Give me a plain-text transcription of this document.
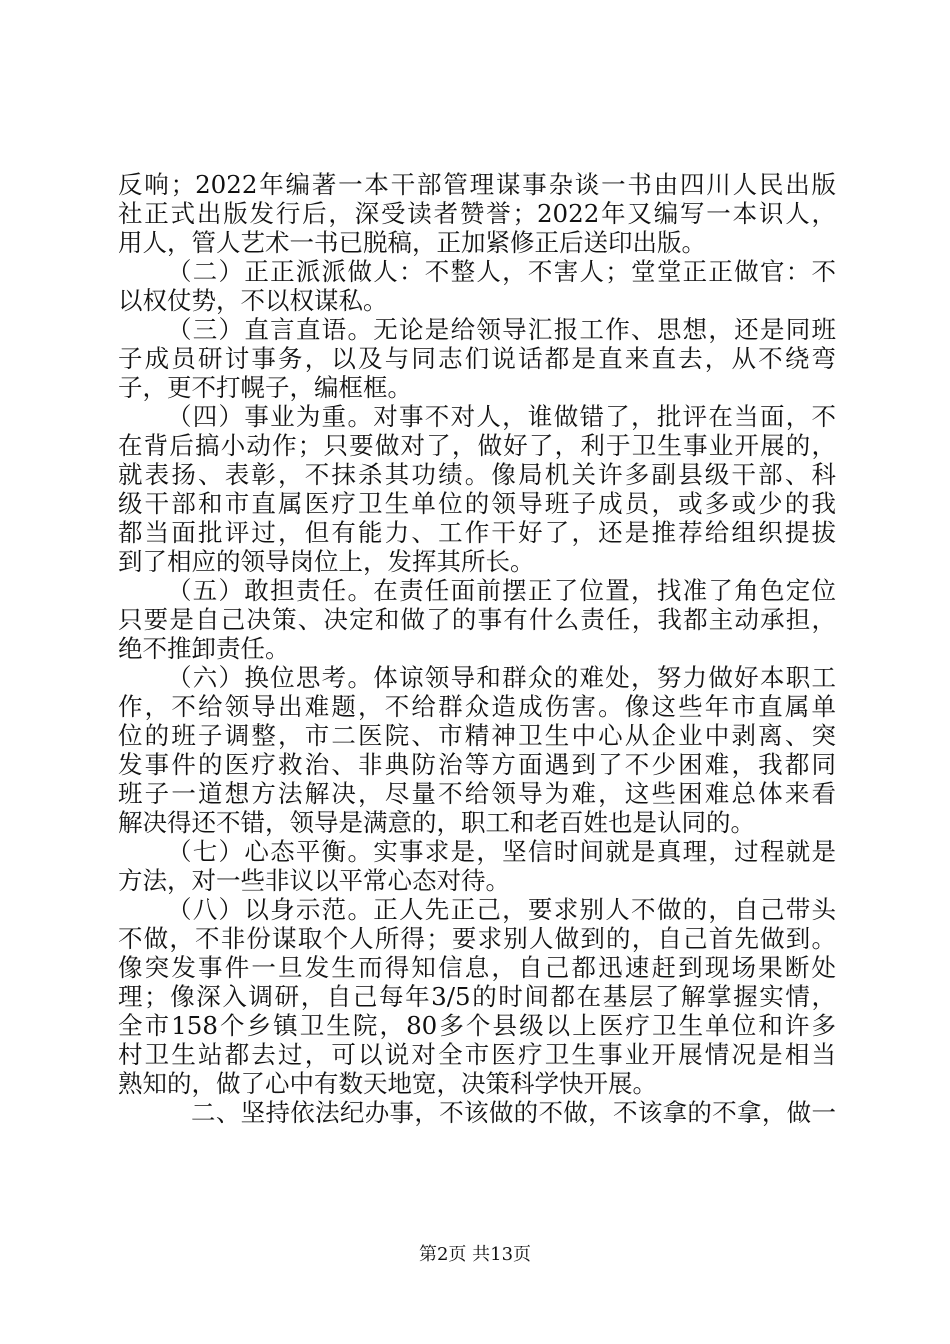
反响；2022年编著一本干部管理谋事杂谈一书由四川人民出版
社正式出版发行后，深受读者赞誉；2022年又编写一本识人，
用人，管人艺术一书已脱稿，正加紧修正后送印出版。
（二）正正派派做人：不整人，不害人；堂堂正正做官：不
以权仗势，不以权谋私。
（三）直言直语。无论是给领导汇报工作、思想，还是同班
子成员研讨事务，以及与同志们说话都是直来直去，从不绕弯
子，更不打幌子，编框框。
（四）事业为重。对事不对人，谁做错了，批评在当面，不
在背后搞小动作；只要做对了，做好了，利于卫生事业开展的，
就表扬、表彰，不抹杀其功绩。像局机关许多副县级干部、科
级干部和市直属医疗卫生单位的领导班子成员，或多或少的我
都当面批评过，但有能力、工作干好了，还是推荐给组织提拔
到了相应的领导岗位上，发挥其所长。
（五）敢担责任。在责任面前摆正了位置，找准了角色定位
只要是自己决策、决定和做了的事有什么责任，我都主动承担，
绝不推卸责任。
（六）换位思考。体谅领导和群众的难处，努力做好本职工
作，不给领导出难题，不给群众造成伤害。像这些年市直属单
位的班子调整，市二医院、市精神卫生中心从企业中剥离、突
发事件的医疗救治、非典防治等方面遇到了不少困难，我都同
班子一道想方法解决，尽量不给领导为难，这些困难总体来看
解决得还不错，领导是满意的，职工和老百姓也是认同的。
（七）心态平衡。实事求是，坚信时间就是真理，过程就是
方法，对一些非议以平常心态对待。
（八）以身示范。正人先正己，要求别人不做的，自己带头
不做，不非份谋取个人所得；要求别人做到的，自己首先做到。
像突发事件一旦发生而得知信息，自己都迅速赶到现场果断处
理；像深入调研，自己每年3/5的时间都在基层了解掌握实情，
全市158个乡镇卫生院，80多个县级以上医疗卫生单位和许多
村卫生站都去过，可以说对全市医疗卫生事业开展情况是相当
熟知的，做了心中有数天地宽，决策科学快开展。
二、坚持依法纪办事，不该做的不做，不该拿的不拿，做一
第2页 共13页
